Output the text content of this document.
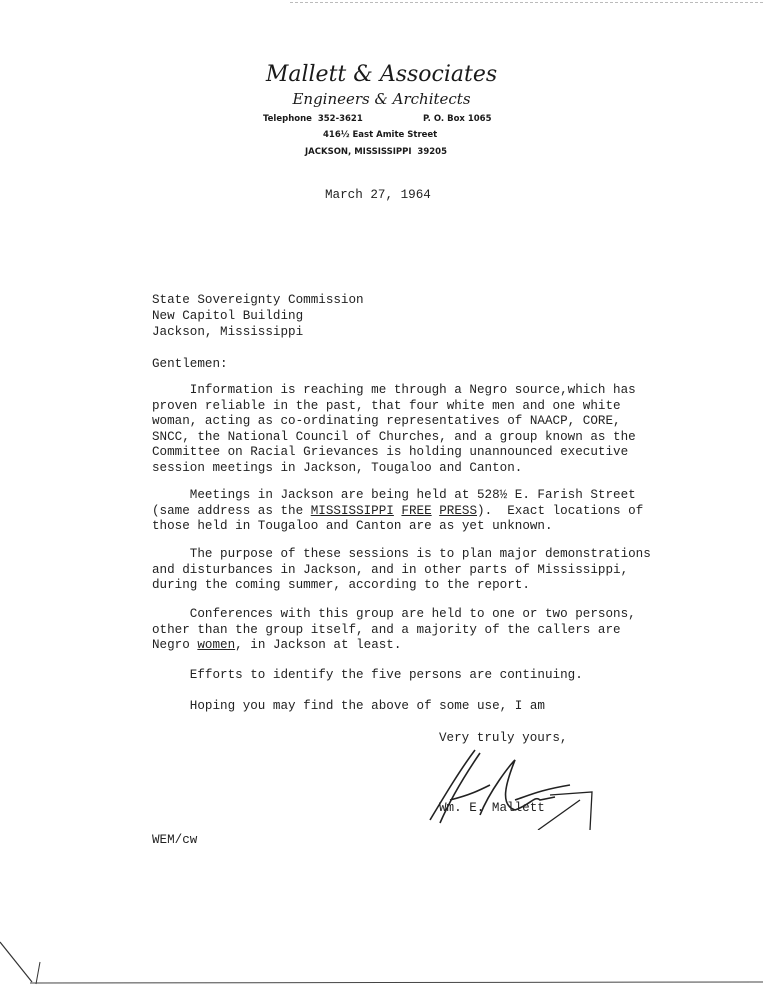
Mallett & Associates
Engineers & Architects
Telephone  352-3621	P. O. Box 1065
416½ East Amite Street
JACKSON, MISSISSIPPI  39205
March 27, 1964
State Sovereignty Commission
New Capitol Building
Jackson, Mississippi
Gentlemen:
Information is reaching me through a Negro source,which has
proven reliable in the past, that four white men and one white
woman, acting as co-ordinating representatives of NAACP, CORE,
SNCC, the National Council of Churches, and a group known as the
Committee on Racial Grievances is holding unannounced executive
session meetings in Jackson, Tougaloo and Canton.
Meetings in Jackson are being held at 528½ E. Farish Street
(same address as the MISSISSIPPI FREE PRESS).  Exact locations of
those held in Tougaloo and Canton are as yet unknown.
The purpose of these sessions is to plan major demonstrations
and disturbances in Jackson, and in other parts of Mississippi,
during the coming summer, according to the report.
Conferences with this group are held to one or two persons,
other than the group itself, and a majority of the callers are
Negro women, in Jackson at least.
Efforts to identify the five persons are continuing.
Hoping you may find the above of some use, I am
Very truly yours,
Wm. E. Mallett
WEM/cw
